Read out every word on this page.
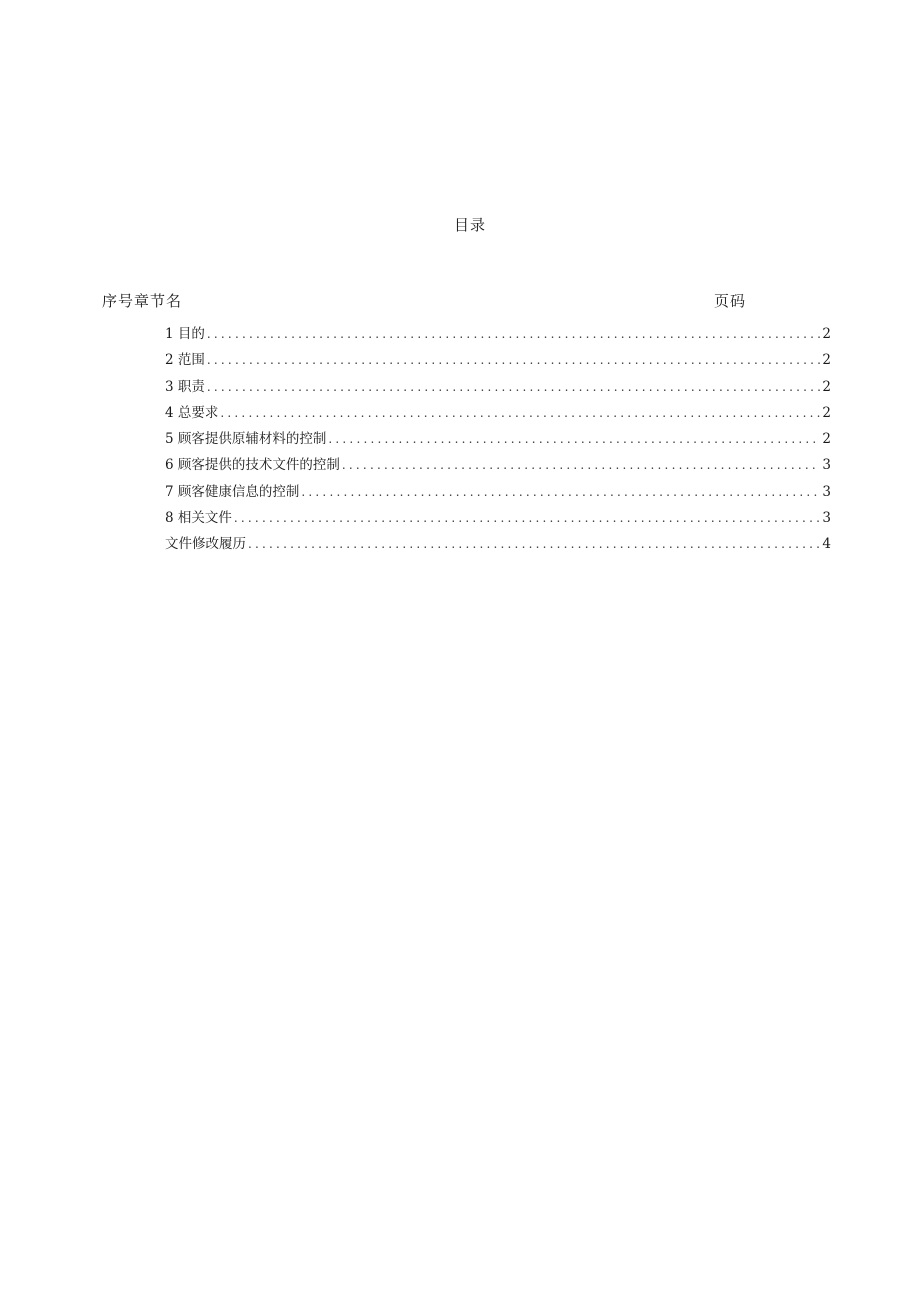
目录
序号章节名	页码
1 目的 .....	2
2 范围 .....	2
3 职责 .....	2
4 总要求 .....	2
5 顾客提供原辅材料的控制 .....	2
6 顾客提供的技术文件的控制 .....	3
7 顾客健康信息的控制 .....	3
8 相关文件 .....	3
文件修改履历 .....	4
